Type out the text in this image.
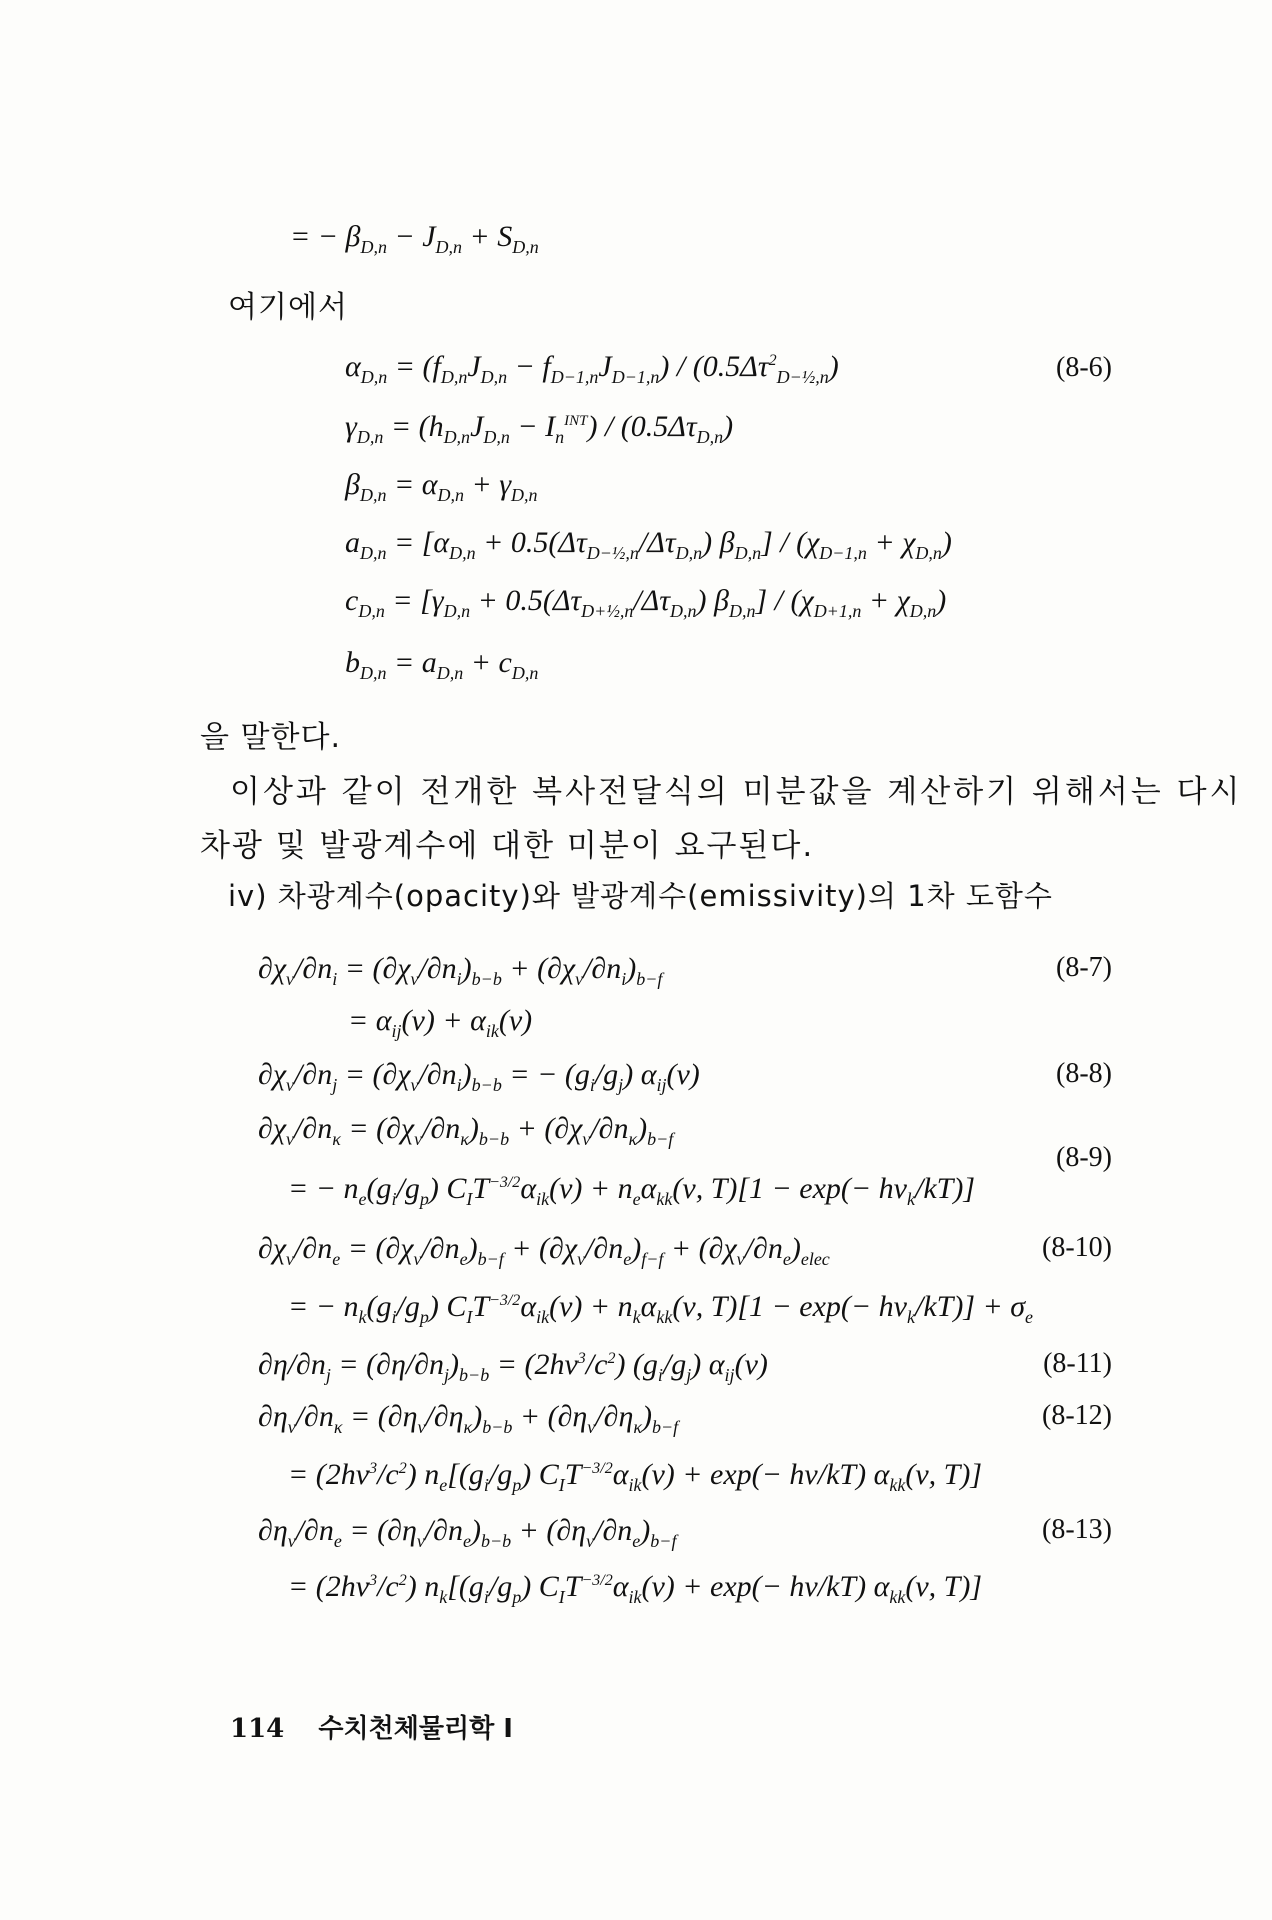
= − $\beta_{D,n} - J_{D,n} + S_{D,n}$
여기에서
$\alpha_{D,n} = (f_{D,n}J_{D,n} - f_{D-1,n}J_{D-1,n}) / (0.5\Delta\tau^2_{D-\frac{1}{2},n})$	(8-6)
$\gamma_{D,n} = (h_{D,n}J_{D,n} - I_n^{INT}) / (0.5\Delta\tau_{D,n})$
$\beta_{D,n} = \alpha_{D,n} + \gamma_{D,n}$
$a_{D,n} = [\alpha_{D,n} + 0.5(\Delta\tau_{D-\frac{1}{2},n}/\Delta\tau_{D,n})$ $\beta_{D,n}] / (\chi_{D-1,n} + \chi_{D,n})$
$c_{D,n} = [\gamma_{D,n} + 0.5(\Delta\tau_{D+\frac{1}{2},n}/\Delta\tau_{D,n})$ $\beta_{D,n}] / (\chi_{D+1,n} + \chi_{D,n})$
$b_{D,n} = a_{D,n} + c_{D,n}$
을 말한다.
이상과 같이 전개한 복사전달식의 미분값을 계산하기 위해서는 다시
차광 및 발광계수에 대한 미분이 요구된다.
iv) 차광계수(opacity)와 발광계수(emissivity)의 1차 도함수
$\partial\chi_\nu/\partial n_i = (\partial\chi_\nu/\partial n_i)_{b-b} + (\partial\chi_\nu/\partial n_i)_{b-f}$	(8-7)
= $\alpha_{ij}(\nu) + \alpha_{ik}(\nu)$
$\partial\chi_\nu/\partial n_j = (\partial\chi_\nu/\partial n_i)_{b-b}$ = − $(g_i/g_j)$ $\alpha_{ij}(\nu)$	(8-8)
$\partial\chi_\nu/\partial n_\kappa = (\partial\chi_\nu/\partial n_\kappa)_{b-b} + (\partial\chi_\nu/\partial n_\kappa)_{b-f}$
= − $n_e(g_i/g_p) C_IT^{-3/2}\alpha_{ik}(\nu) + n_e\alpha_{kk}(\nu$, $T)[1 - \exp(- h\nu_k/kT)]$
(8-9)
$\partial\chi_\nu/\partial n_e = (\partial\chi_\nu/\partial n_e)_{b-f} + (\partial\chi_\nu/\partial n_e)_{f-f} + (\partial\chi_\nu/\partial n_e)_{elec}$	(8-10)
= − $n_k(g_i/g_p) C_IT^{-3/2}\alpha_{ik}(\nu) + n_k\alpha_{kk}(\nu$, $T)[1 - \exp(- h\nu_k/kT)] + \sigma_e$
$\partial\eta/\partial n_j = (\partial\eta/\partial n_j)_{b-b} = (2h\nu^3/c^2)$ $(g_i/g_j)$ $\alpha_{ij}(\nu)$	(8-11)
$\partial\eta_\nu/\partial n_\kappa = (\partial\eta_\nu/\partial\eta_\kappa)_{b-b} + (\partial\eta_\nu/\partial\eta_\kappa)_{b-f}$	(8-12)
= $(2h\nu^3/c^2)$ $n_e[(g_i/g_p) C_IT^{-3/2}\alpha_{ik}(\nu) + \exp(- h\nu/kT)$ $\alpha_{kk}(\nu$, T)]
$\partial\eta_\nu/\partial n_e = (\partial\eta_\nu/\partial n_e)_{b-b} + (\partial\eta_\nu/\partial n_e)_{b-f}$	(8-13)
= $(2h\nu^3/c^2)$ $n_k[(g_i/g_p) C_IT^{-3/2}\alpha_{ik}(\nu) + \exp(- h\nu/kT)$ $\alpha_{kk}(\nu$, T)]
114 수치천체물리학 Ⅰ
